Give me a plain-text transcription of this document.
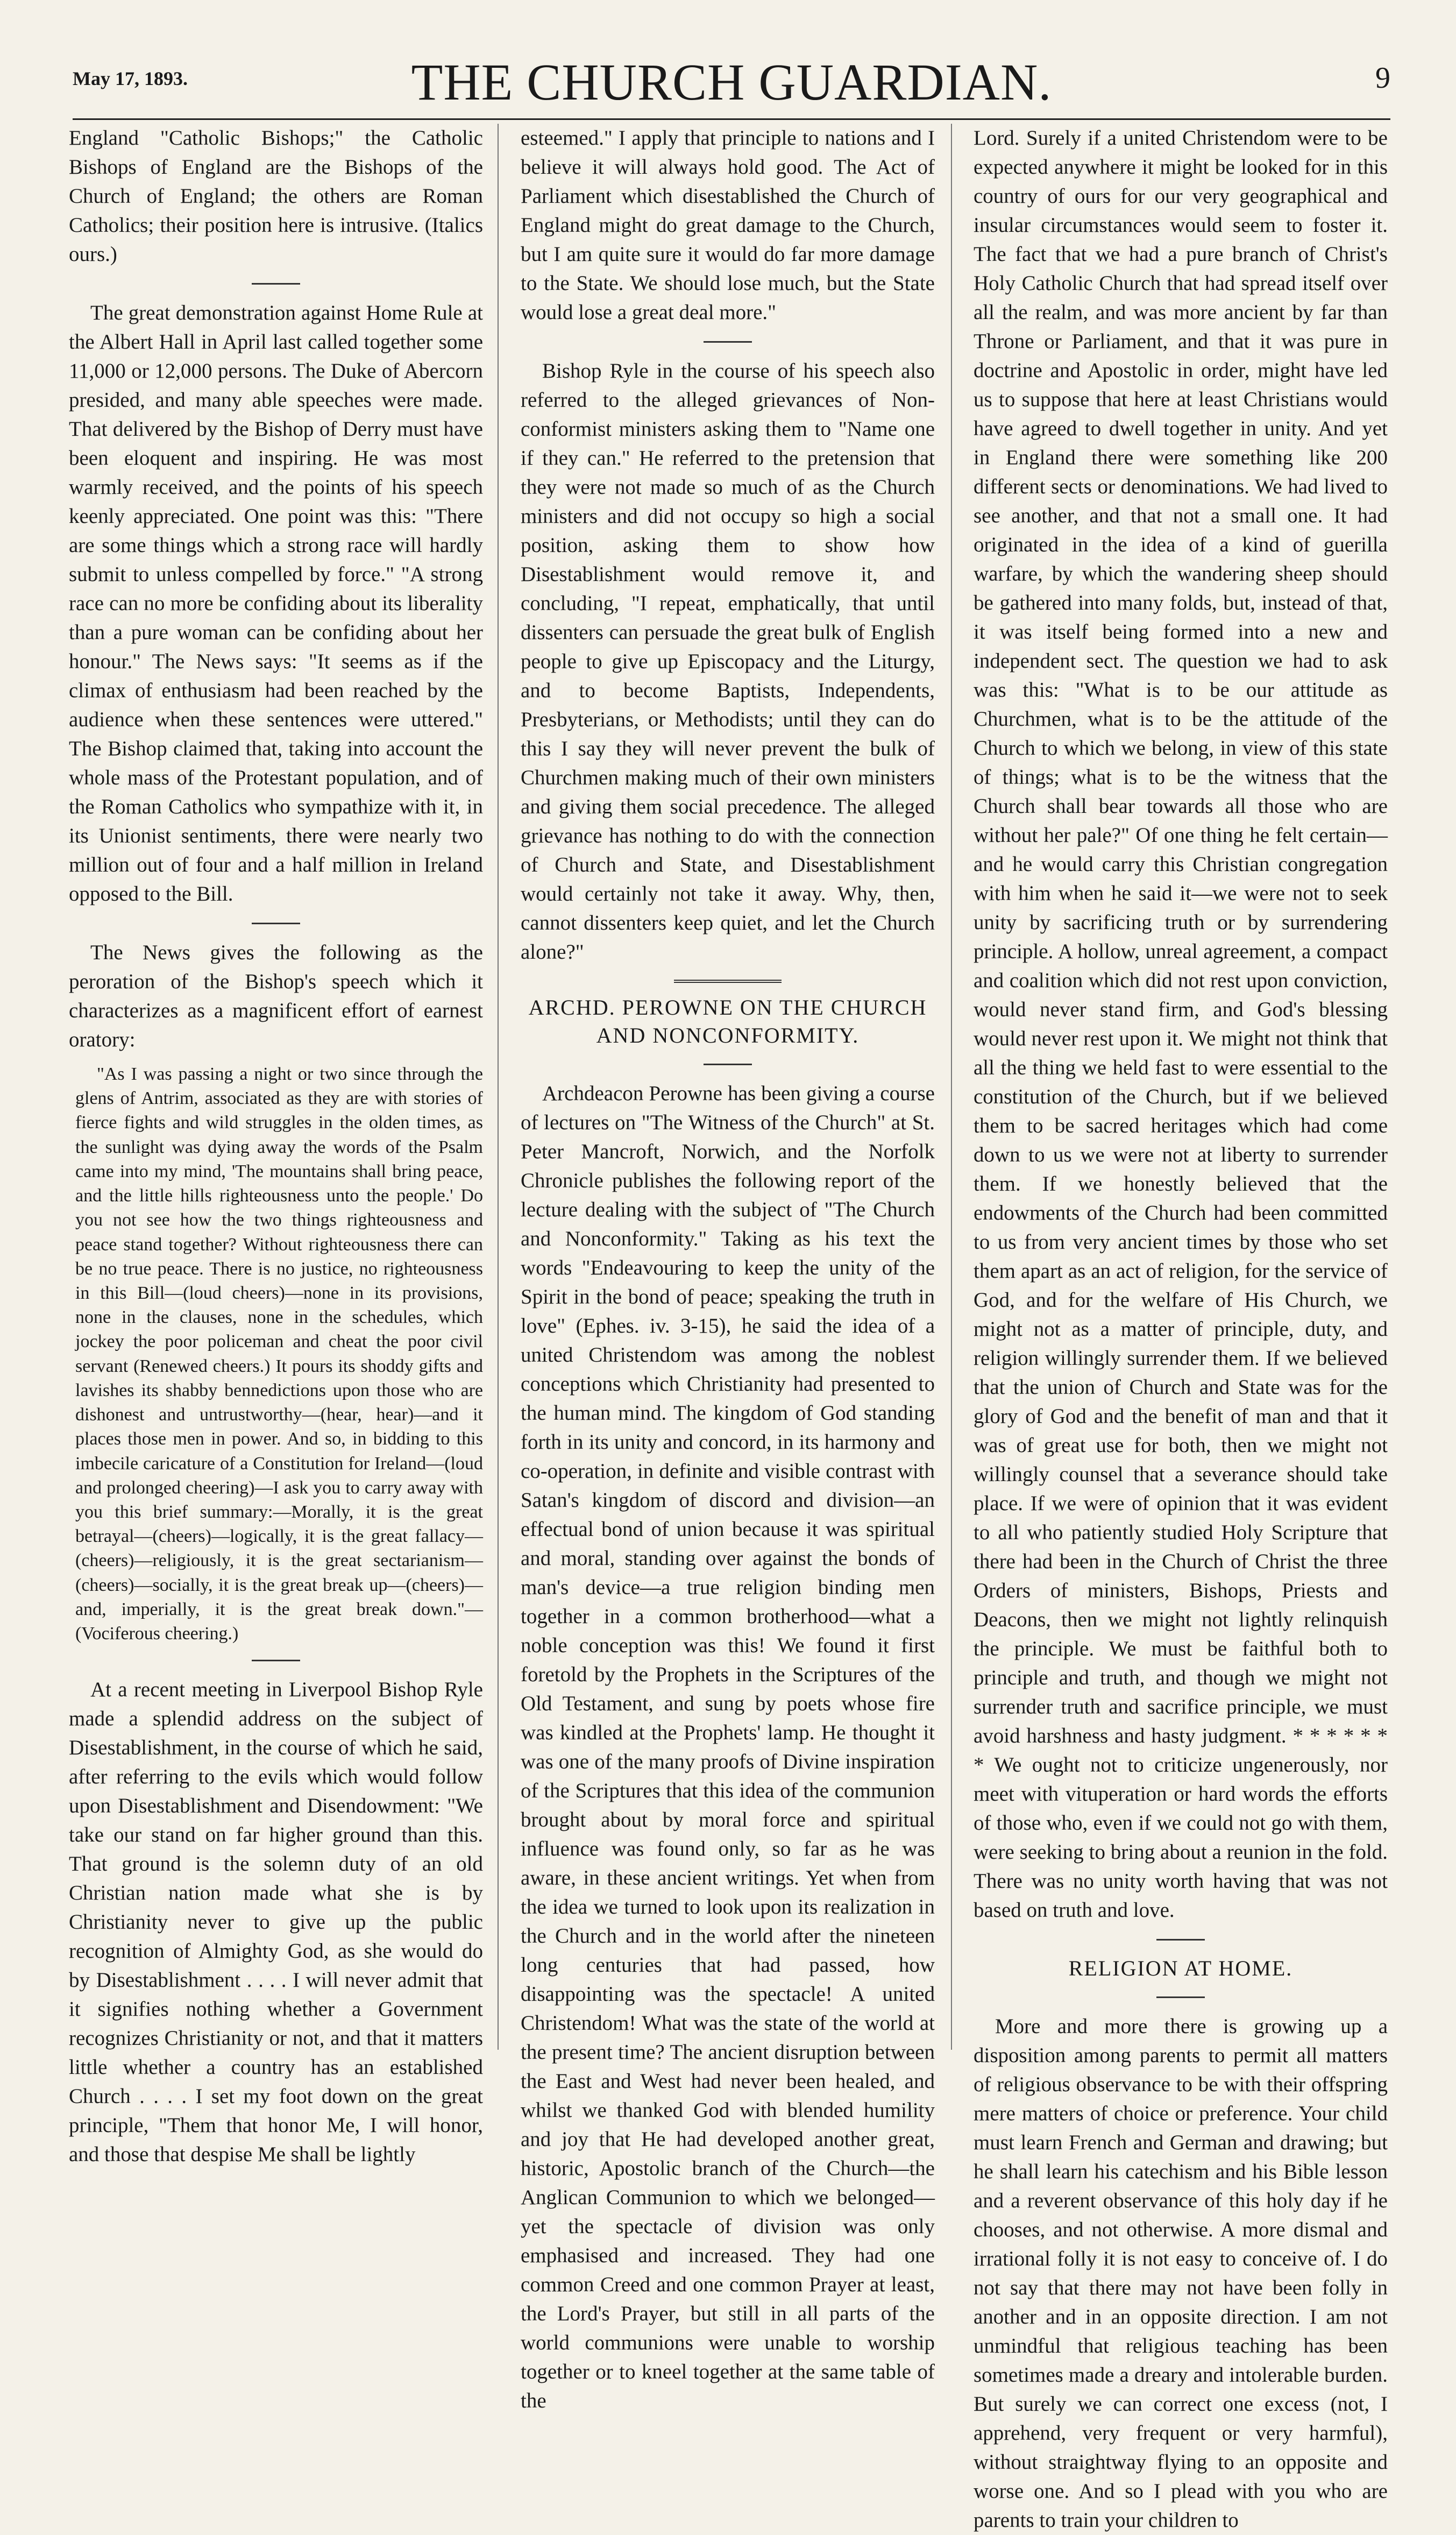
May 17, 1893.	THE CHURCH GUARDIAN.	9

England "Catholic Bishops;" the Catholic Bishops of England are the Bishops of the Church of England; the others are Roman Catholics; their position here is intrusive. (Italics ours.)

The great demonstration against Home Rule at the Albert Hall in April last called together some 11,000 or 12,000 persons. The Duke of Abercorn presided, and many able speeches were made. That delivered by the Bishop of Derry must have been eloquent and inspiring. He was most warmly received, and the points of his speech keenly appreciated. One point was this: "There are some things which a strong race will hardly submit to unless compelled by force." "A strong race can no more be confiding about its liberality than a pure woman can be confiding about her honour." The News says: "It seems as if the climax of enthusiasm had been reached by the audience when these sentences were uttered." The Bishop claimed that, taking into account the whole mass of the Protestant population, and of the Roman Catholics who sympathize with it, in its Unionist sentiments, there were nearly two million out of four and a half million in Ireland opposed to the Bill.

The News gives the following as the peroration of the Bishop's speech which it characterizes as a magnificent effort of earnest oratory:

"As I was passing a night or two since through the glens of Antrim, associated as they are with stories of fierce fights and wild struggles in the olden times, as the sunlight was dying away the words of the Psalm came into my mind, 'The mountains shall bring peace, and the little hills righteousness unto the people.' Do you not see how the two things righteousness and peace stand together? Without righteousness there can be no true peace. There is no justice, no righteousness in this Bill—(loud cheers)—none in its provisions, none in the clauses, none in the schedules, which jockey the poor policeman and cheat the poor civil servant (Renewed cheers.) It pours its shoddy gifts and lavishes its shabby bennedictions upon those who are dishonest and untrustworthy—(hear, hear)—and it places those men in power. And so, in bidding to this imbecile caricature of a Constitution for Ireland—(loud and prolonged cheering)—I ask you to carry away with you this brief summary:—Morally, it is the great betrayal—(cheers)—logically, it is the great fallacy—(cheers)—religiously, it is the great sectarianism—(cheers)—socially, it is the great break up—(cheers)—and, imperially, it is the great break down."—(Vociferous cheering.)

At a recent meeting in Liverpool Bishop Ryle made a splendid address on the subject of Disestablishment, in the course of which he said, after referring to the evils which would follow upon Disestablishment and Disendowment: "We take our stand on far higher ground than this. That ground is the solemn duty of an old Christian nation made what she is by Christianity never to give up the public recognition of Almighty God, as she would do by Disestablishment . . . . I will never admit that it signifies nothing whether a Government recognizes Christianity or not, and that it matters little whether a country has an established Church . . . . I set my foot down on the great principle, "Them that honor Me, I will honor, and those that despise Me shall be lightly

esteemed." I apply that principle to nations and I believe it will always hold good. The Act of Parliament which disestablished the Church of England might do great damage to the Church, but I am quite sure it would do far more damage to the State. We should lose much, but the State would lose a great deal more."

Bishop Ryle in the course of his speech also referred to the alleged grievances of Non-conformist ministers asking them to "Name one if they can." He referred to the pretension that they were not made so much of as the Church ministers and did not occupy so high a social position, asking them to show how Disestablishment would remove it, and concluding, "I repeat, emphatically, that until dissenters can persuade the great bulk of English people to give up Episcopacy and the Liturgy, and to become Baptists, Independents, Presbyterians, or Methodists; until they can do this I say they will never prevent the bulk of Churchmen making much of their own ministers and giving them social precedence. The alleged grievance has nothing to do with the connection of Church and State, and Disestablishment would certainly not take it away. Why, then, cannot dissenters keep quiet, and let the Church alone?"

ARCHD. PEROWNE ON THE CHURCH AND NONCONFORMITY.

Archdeacon Perowne has been giving a course of lectures on "The Witness of the Church" at St. Peter Mancroft, Norwich, and the Norfolk Chronicle publishes the following report of the lecture dealing with the subject of "The Church and Nonconformity." Taking as his text the words "Endeavouring to keep the unity of the Spirit in the bond of peace; speaking the truth in love" (Ephes. iv. 3-15), he said the idea of a united Christendom was among the noblest conceptions which Christianity had presented to the human mind. The kingdom of God standing forth in its unity and concord, in its harmony and co-operation, in definite and visible contrast with Satan's kingdom of discord and division—an effectual bond of union because it was spiritual and moral, standing over against the bonds of man's device—a true religion binding men together in a common brotherhood—what a noble conception was this! We found it first foretold by the Prophets in the Scriptures of the Old Testament, and sung by poets whose fire was kindled at the Prophets' lamp. He thought it was one of the many proofs of Divine inspiration of the Scriptures that this idea of the communion brought about by moral force and spiritual influence was found only, so far as he was aware, in these ancient writings. Yet when from the idea we turned to look upon its realization in the Church and in the world after the nineteen long centuries that had passed, how disappointing was the spectacle! A united Christendom! What was the state of the world at the present time? The ancient disruption between the East and West had never been healed, and whilst we thanked God with blended humility and joy that He had developed another great, historic, Apostolic branch of the Church—the Anglican Communion to which we belonged—yet the spectacle of division was only emphasised and increased. They had one common Creed and one common Prayer at least, the Lord's Prayer, but still in all parts of the world communions were unable to worship together or to kneel together at the same table of the

Lord. Surely if a united Christendom were to be expected anywhere it might be looked for in this country of ours for our very geographical and insular circumstances would seem to foster it. The fact that we had a pure branch of Christ's Holy Catholic Church that had spread itself over all the realm, and was more ancient by far than Throne or Parliament, and that it was pure in doctrine and Apostolic in order, might have led us to suppose that here at least Christians would have agreed to dwell together in unity. And yet in England there were something like 200 different sects or denominations. We had lived to see another, and that not a small one. It had originated in the idea of a kind of guerilla warfare, by which the wandering sheep should be gathered into many folds, but, instead of that, it was itself being formed into a new and independent sect. The question we had to ask was this: "What is to be our attitude as Churchmen, what is to be the attitude of the Church to which we belong, in view of this state of things; what is to be the witness that the Church shall bear towards all those who are without her pale?" Of one thing he felt certain—and he would carry this Christian congregation with him when he said it—we were not to seek unity by sacrificing truth or by surrendering principle. A hollow, unreal agreement, a compact and coalition which did not rest upon conviction, would never stand firm, and God's blessing would never rest upon it. We might not think that all the thing we held fast to were essential to the constitution of the Church, but if we believed them to be sacred heritages which had come down to us we were not at liberty to surrender them. If we honestly believed that the endowments of the Church had been committed to us from very ancient times by those who set them apart as an act of religion, for the service of God, and for the welfare of His Church, we might not as a matter of principle, duty, and religion willingly surrender them. If we believed that the union of Church and State was for the glory of God and the benefit of man and that it was of great use for both, then we might not willingly counsel that a severance should take place. If we were of opinion that it was evident to all who patiently studied Holy Scripture that there had been in the Church of Christ the three Orders of ministers, Bishops, Priests and Deacons, then we might not lightly relinquish the principle. We must be faithful both to principle and truth, and though we might not surrender truth and sacrifice principle, we must avoid harshness and hasty judgment. * * * * * * * We ought not to criticize ungenerously, nor meet with vituperation or hard words the efforts of those who, even if we could not go with them, were seeking to bring about a reunion in the fold. There was no unity worth having that was not based on truth and love.

RELIGION AT HOME.

More and more there is growing up a disposition among parents to permit all matters of religious observance to be with their offspring mere matters of choice or preference. Your child must learn French and German and drawing; but he shall learn his catechism and his Bible lesson and a reverent observance of this holy day if he chooses, and not otherwise. A more dismal and irrational folly it is not easy to conceive of. I do not say that there may not have been folly in another and in an opposite direction. I am not unmindful that religious teaching has been sometimes made a dreary and intolerable burden. But surely we can correct one excess (not, I apprehend, very frequent or very harmful), without straightway flying to an opposite and worse one. And so I plead with you who are parents to train your children to
